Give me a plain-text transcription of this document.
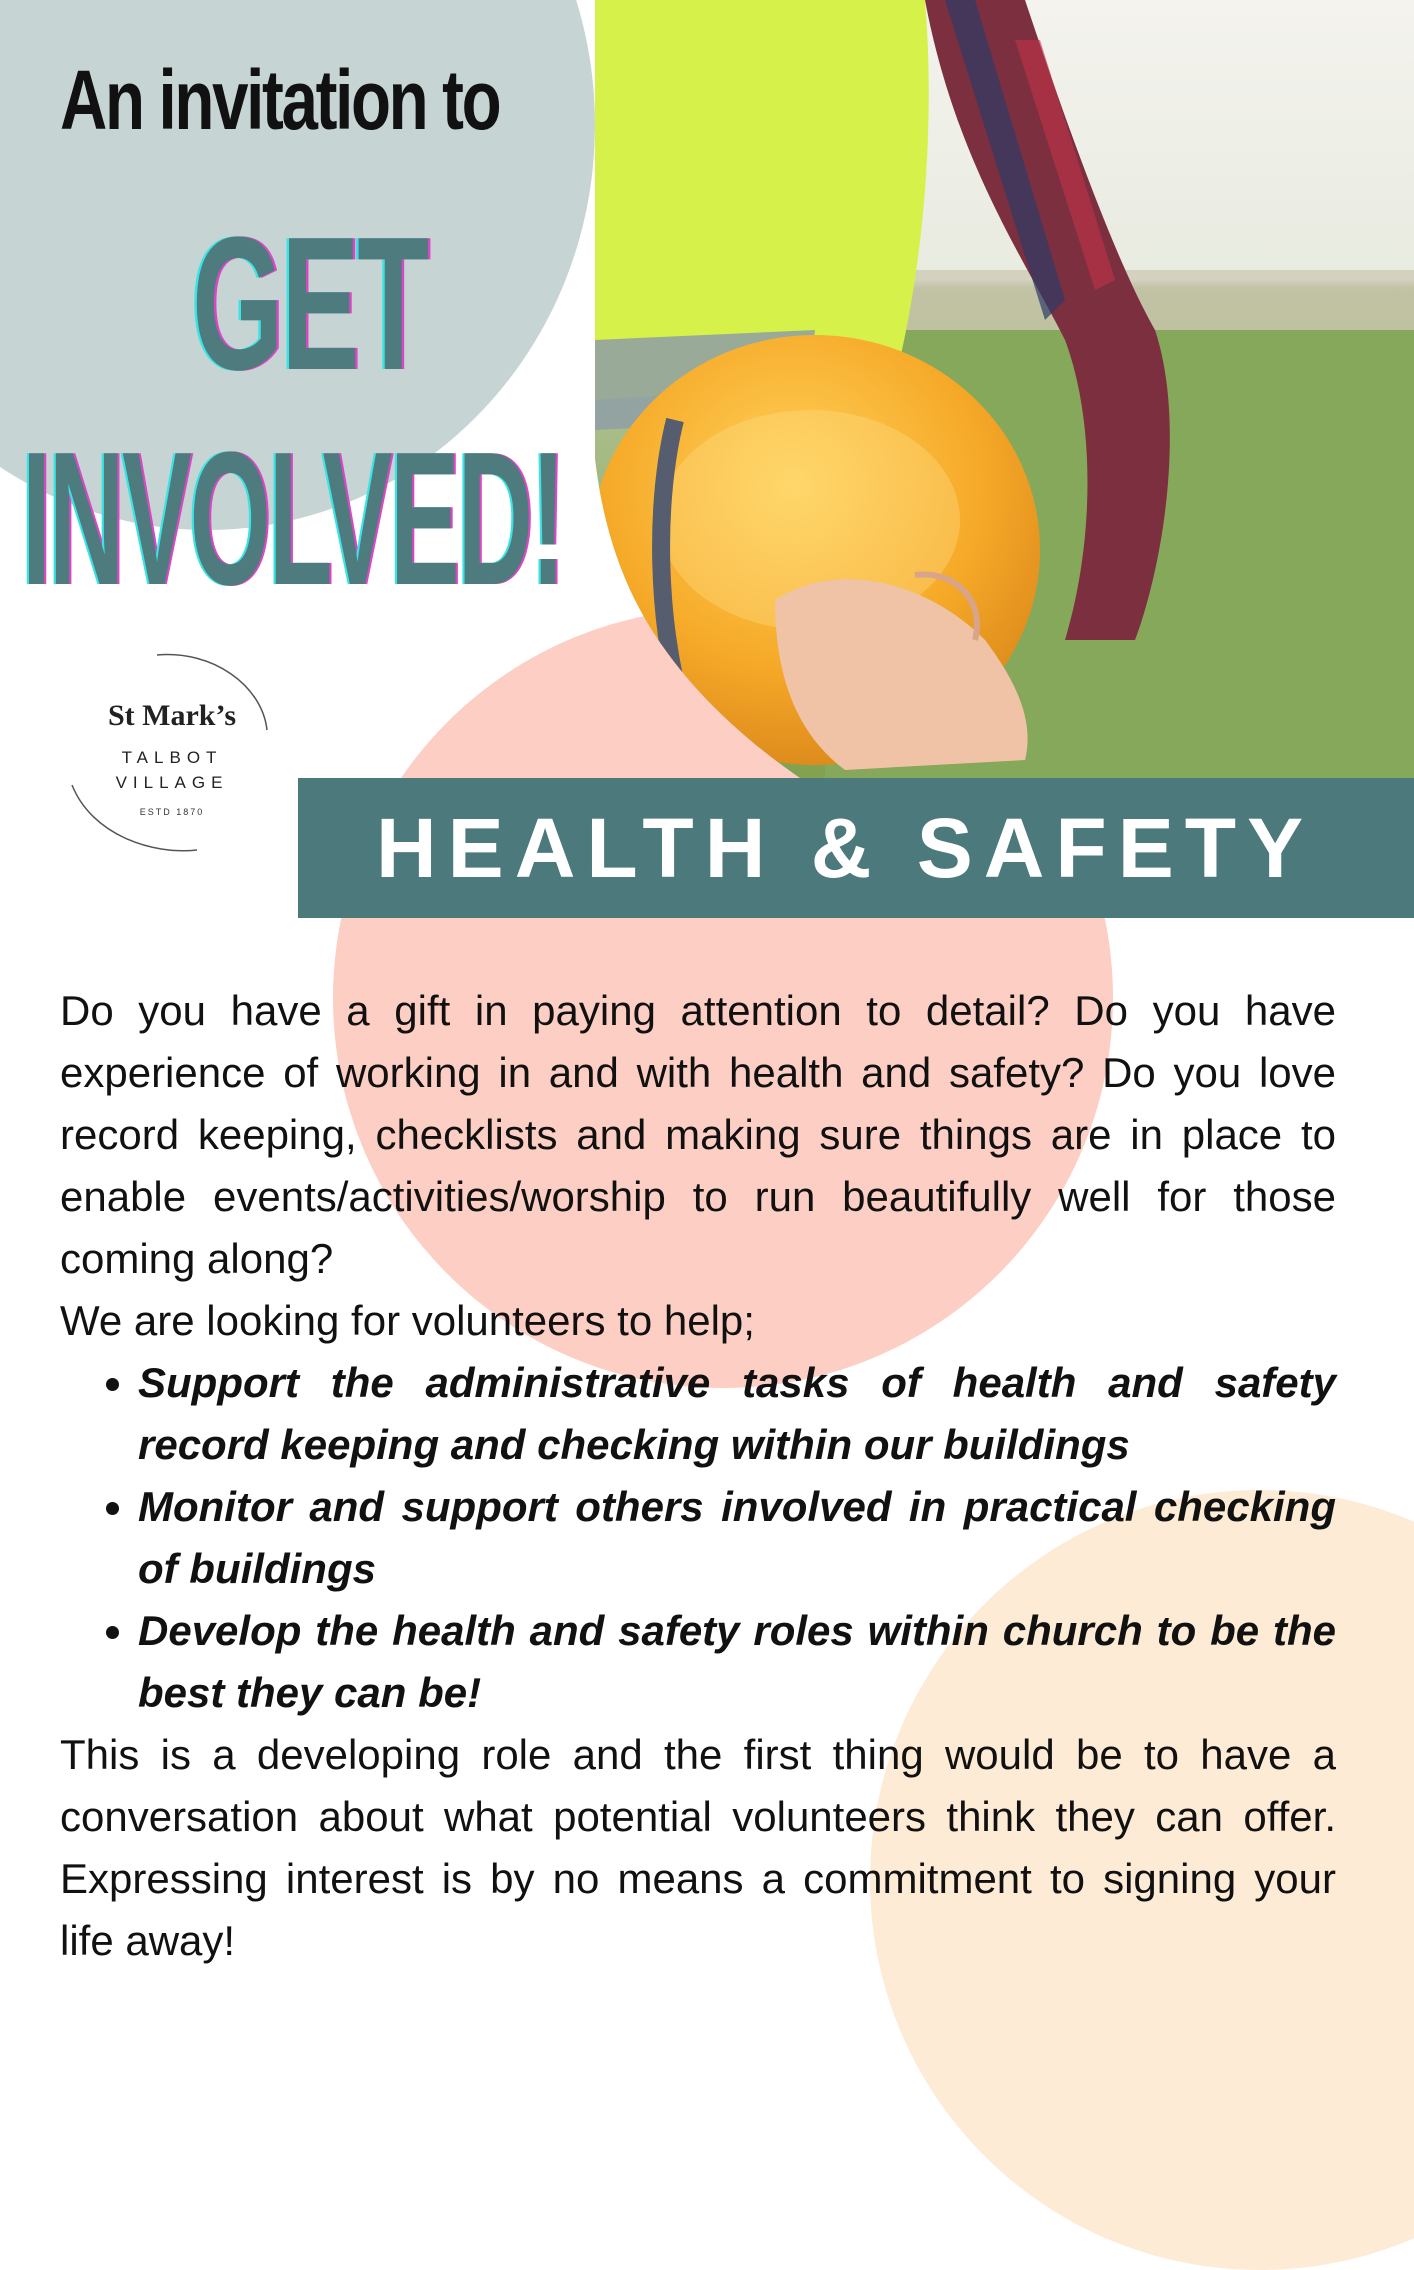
An invitation to
GET
INVOLVED!
St Mark’s
TALBOT
VILLAGE
ESTD 1870 HEALTH & SAFETY

Do you have a gift in paying attention to detail? Do you have experience of working in and with health and safety? Do you love record keeping, checklists and making sure things are in place to enable events/activities/worship to run beautifully well for those coming along?

We are looking for volunteers to help;

• Support the administrative tasks of health and safety record keeping and checking within our buildings
• Monitor and support others involved in practical checking of buildings
• Develop the health and safety roles within church to be the best they can be!

This is a developing role and the first thing would be to have a conversation about what potential volunteers think they can offer. Expressing interest is by no means a commitment to signing your life away!
